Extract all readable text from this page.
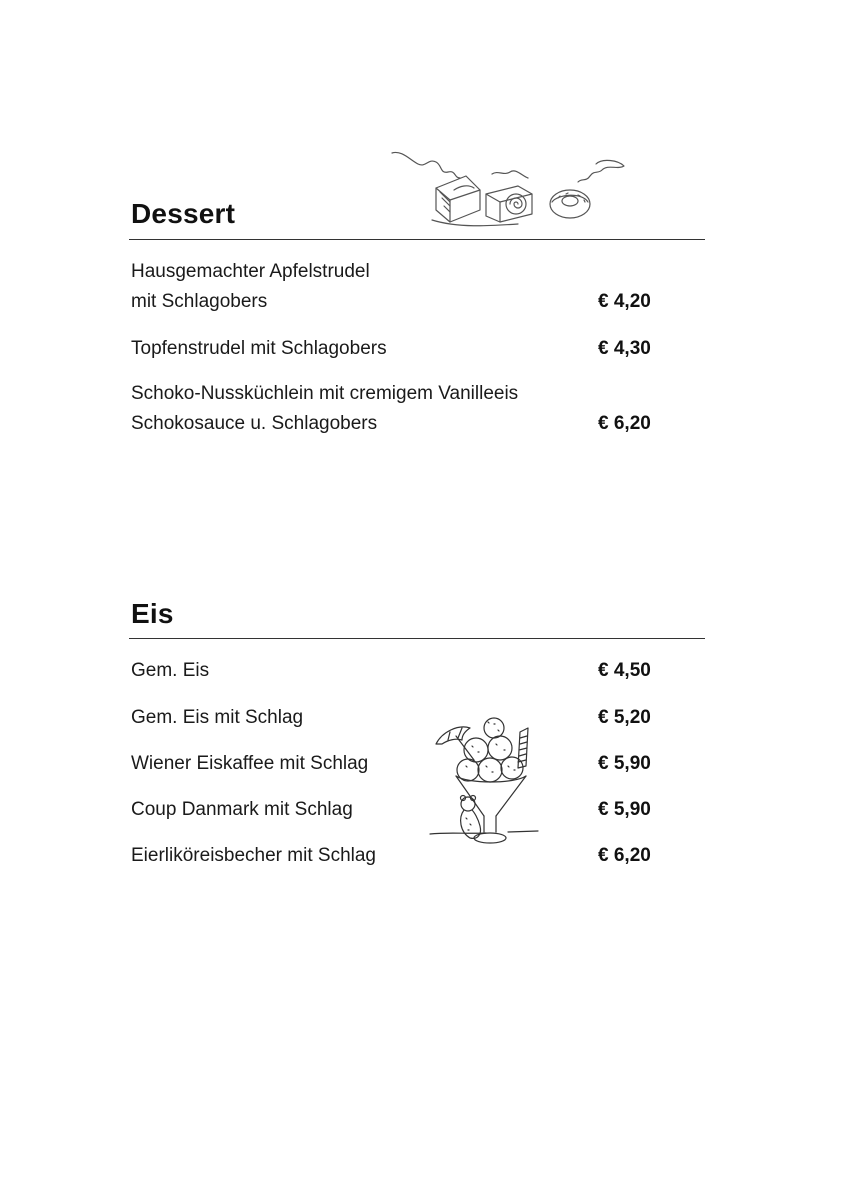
Dessert
Hausgemachter Apfelstrudel
mit Schlagobers	€ 4,20
Topfenstrudel mit Schlagobers	€ 4,30
Schoko-Nussküchlein mit cremigem Vanilleeis
Schokosauce u. Schlagobers	€ 6,20
Eis
Gem. Eis	€ 4,50
Gem. Eis mit Schlag	€ 5,20
Wiener Eiskaffee mit Schlag	€ 5,90
Coup Danmark mit Schlag	€ 5,90
Eierliköreisbecher mit Schlag	€ 6,20
